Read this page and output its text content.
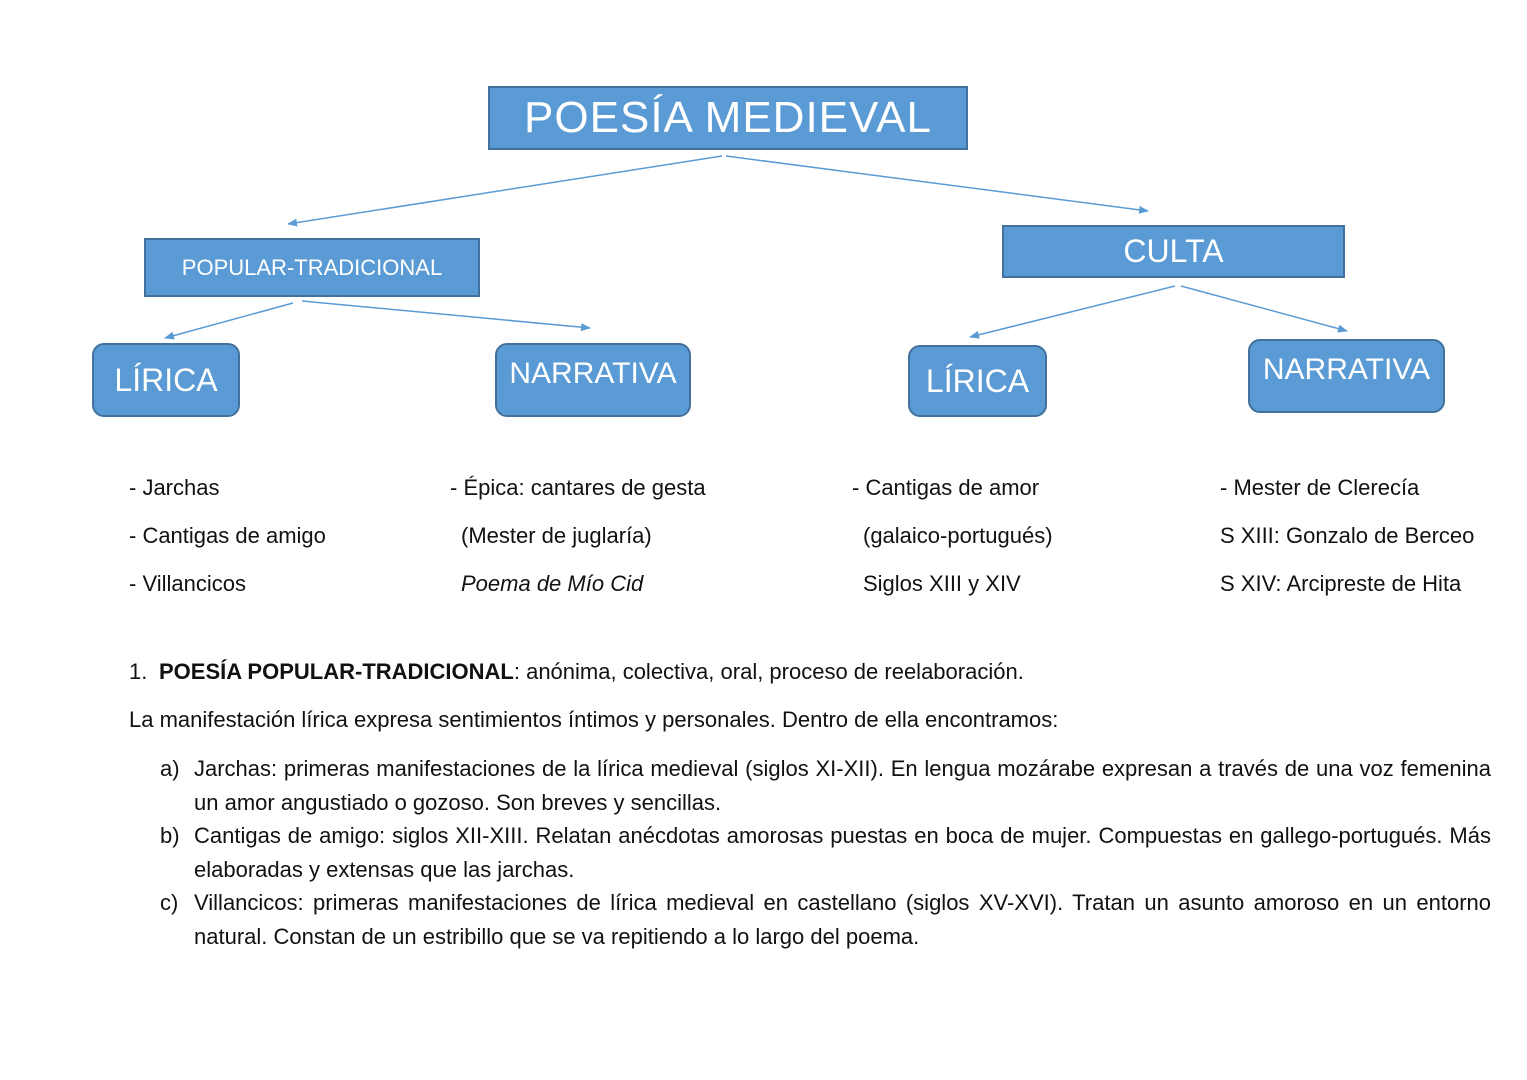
POESÍA MEDIEVAL
POPULAR-TRADICIONAL	CULTA
LÍRICA	NARRATIVA	LÍRICA	NARRATIVA
- Jarchas
- Cantigas de amigo
- Villancicos
- Épica: cantares de gesta
(Mester de juglaría)
Poema de Mío Cid
- Cantigas de amor
(galaico-portugués)
Siglos XIII y XIV
- Mester de Clerecía
S XIII: Gonzalo de Berceo
S XIV: Arcipreste de Hita
1. POESÍA POPULAR-TRADICIONAL: anónima, colectiva, oral, proceso de reelaboración.
La manifestación lírica expresa sentimientos íntimos y personales. Dentro de ella encontramos:
a) Jarchas: primeras manifestaciones de la lírica medieval (siglos XI-XII). En lengua mozárabe expresan a través de una voz femenina un amor angustiado o gozoso. Son breves y sencillas.
b) Cantigas de amigo: siglos XII-XIII. Relatan anécdotas amorosas puestas en boca de mujer. Compuestas en gallego-portugués. Más elaboradas y extensas que las jarchas.
c) Villancicos: primeras manifestaciones de lírica medieval en castellano (siglos XV-XVI). Tratan un asunto amoroso en un entorno natural. Constan de un estribillo que se va repitiendo a lo largo del poema.
